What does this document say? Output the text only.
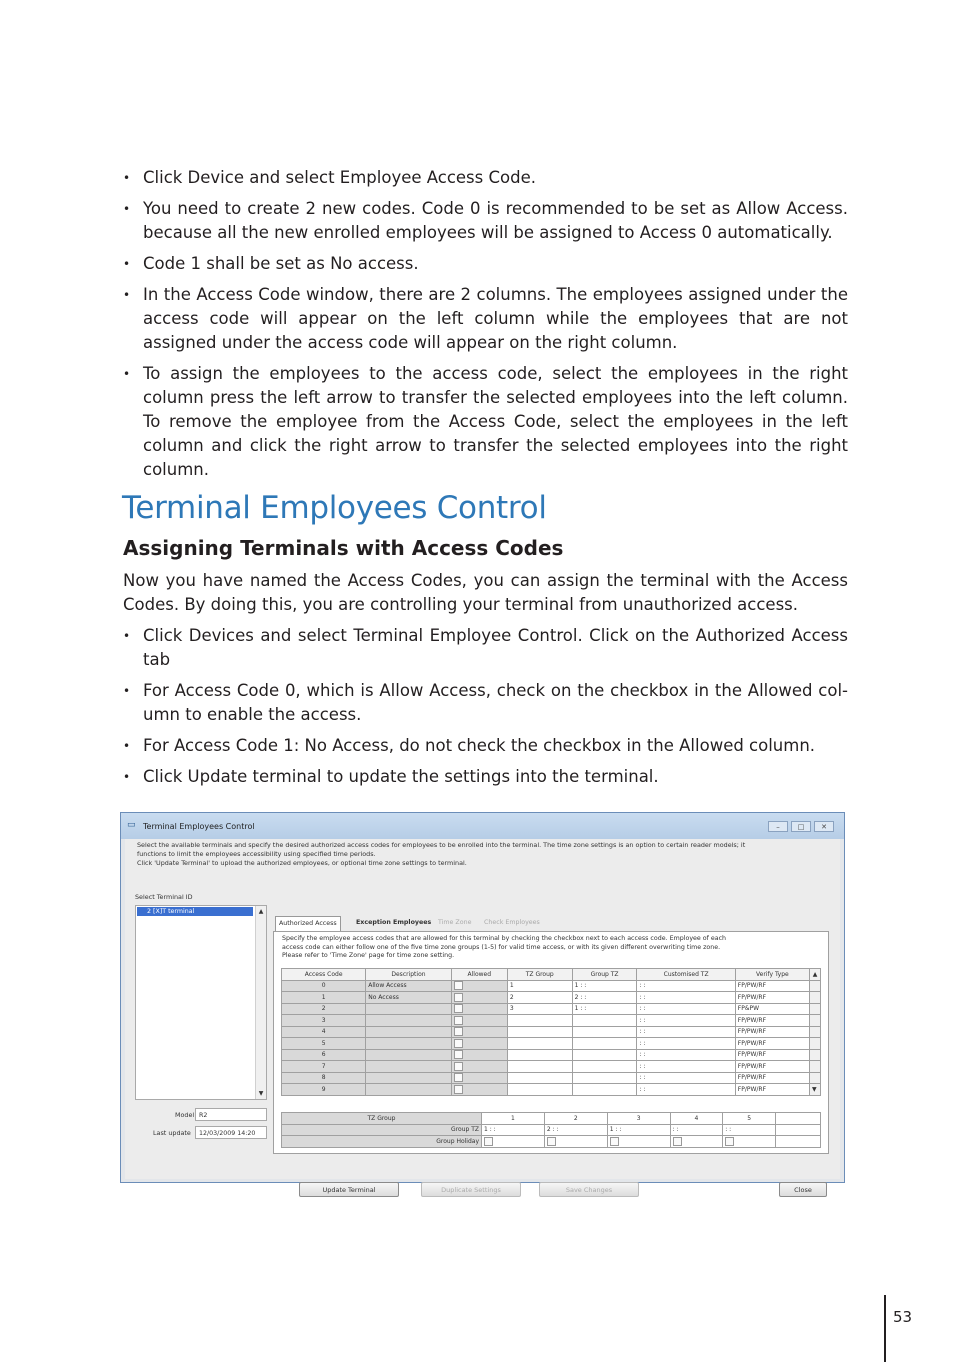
• Click Device and select Employee Access Code.

• You need to create 2 new codes. Code 0 is recommended to be set as Allow Access. because all the new enrolled employees will be assigned to Access 0 automatically.

• Code 1 shall be set as No access.

• In the Access Code window, there are 2 columns. The employees assigned under the access code will appear on the left column while the employees that are not assigned under the access code will appear on the right column.

• To assign the employees to the access code, select the employees in the right column press the left arrow to transfer the selected employees into the left column. To remove the employee from the Access Code, select the employees in the left column and click the right arrow to transfer the selected employees into the right column.

Terminal Employees Control
Assigning Terminals with Access Codes

Now you have named the Access Codes, you can assign the terminal with the Access Codes. By doing this, you are controlling your terminal from unauthorized access.

• Click Devices and select Terminal Employee Control. Click on the Authorized Access tab

• For Access Code 0, which is Allow Access, check on the checkbox in the Allowed col-umn to enable the access.

• For Access Code 1: No Access, do not check the checkbox in the Allowed column.

• Click Update terminal to update the settings into the terminal.

▭ Terminal Employees Control	–	□	✕
Select the available terminals and specify the desired authorized access codes for employees to be enrolled into the terminal. The time zone settings is an option to certain reader models; it
functions to limit the employees accessibility using specified time periods.
Click 'Update Terminal' to upload the authorized employees, or optional time zone settings to terminal.
Select Terminal ID
2 [X]T terminal	▲
▼
Model R2
Last update	12/03/2009 14:20
Authorized Access	Exception Employees	Time Zone	Check Employees
Specify the employee access codes that are allowed for this terminal by checking the checkbox next to each access code. Employee of each
access code can either follow one of the five time zone groups (1-5) for valid time access, or with its given different overwriting time zone.
Please refer to 'Time Zone' page for time zone setting.
Access Code	Description	Allowed	TZ Group	Group TZ	Customised TZ	Verify Type	▲
0	Allow Access		1	1 : :	: :	FP/PW/RF	
1	No Access		2	2 : :	: :	FP/PW/RF	
2			3	1 : :	: :	FP&PW	
3					: :	FP/PW/RF	
4					: :	FP/PW/RF	
5					: :	FP/PW/RF	
6					: :	FP/PW/RF	
7					: :	FP/PW/RF	
8					: :	FP/PW/RF	
9					: :	FP/PW/RF	▼
TZ Group	1	2	3	4	5	
Group TZ	1 : :	2 : :	1 : :	: :	: :	
Group Holiday						
Update Terminal	Duplicate Settings	Save Changes	Close
53
